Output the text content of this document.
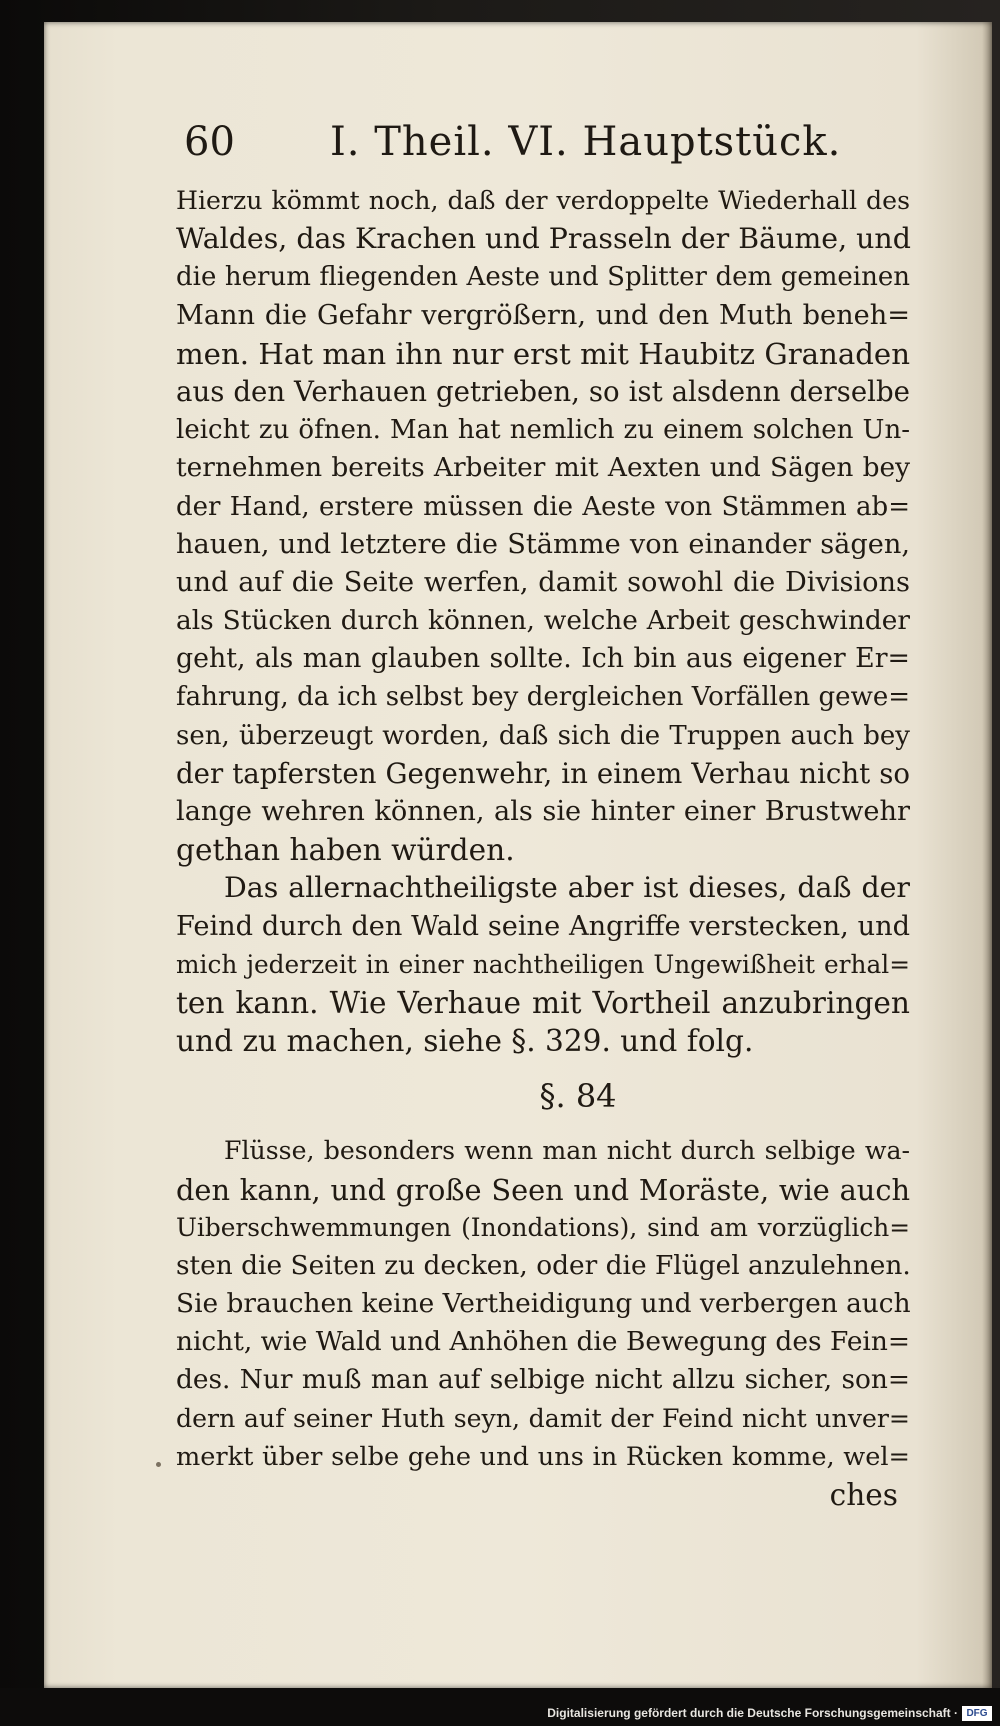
60 I. Theil. VI. Hauptstück.
Hierzu kömmt noch, daß der verdoppelte Wiederhall des
Waldes, das Krachen und Prasseln der Bäume, und
die herum fliegenden Aeste und Splitter dem gemeinen
Mann die Gefahr vergrößern, und den Muth beneh=
men. Hat man ihn nur erst mit Haubitz Granaden
aus den Verhauen getrieben, so ist alsdenn derselbe
leicht zu öfnen. Man hat nemlich zu einem solchen Un-
ternehmen bereits Arbeiter mit Aexten und Sägen bey
der Hand, erstere müssen die Aeste von Stämmen ab=
hauen, und letztere die Stämme von einander sägen,
und auf die Seite werfen, damit sowohl die Divisions
als Stücken durch können, welche Arbeit geschwinder
geht, als man glauben sollte. Ich bin aus eigener Er=
fahrung, da ich selbst bey dergleichen Vorfällen gewe=
sen, überzeugt worden, daß sich die Truppen auch bey
der tapfersten Gegenwehr, in einem Verhau nicht so
lange wehren können, als sie hinter einer Brustwehr
gethan haben würden.
Das allernachtheiligste aber ist dieses, daß der
Feind durch den Wald seine Angriffe verstecken, und
mich jederzeit in einer nachtheiligen Ungewißheit erhal=
ten kann. Wie Verhaue mit Vortheil anzubringen
und zu machen, siehe §. 329. und folg.
§. 84
Flüsse, besonders wenn man nicht durch selbige wa-
den kann, und große Seen und Moräste, wie auch
Uiberschwemmungen (Inondations), sind am vorzüglich=
sten die Seiten zu decken, oder die Flügel anzulehnen.
Sie brauchen keine Vertheidigung und verbergen auch
nicht, wie Wald und Anhöhen die Bewegung des Fein=
des. Nur muß man auf selbige nicht allzu sicher, son=
dern auf seiner Huth seyn, damit der Feind nicht unver=
merkt über selbe gehe und uns in Rücken komme, wel=
ches
Digitalisierung gefördert durch die Deutsche Forschungsgemeinschaft · DFG
